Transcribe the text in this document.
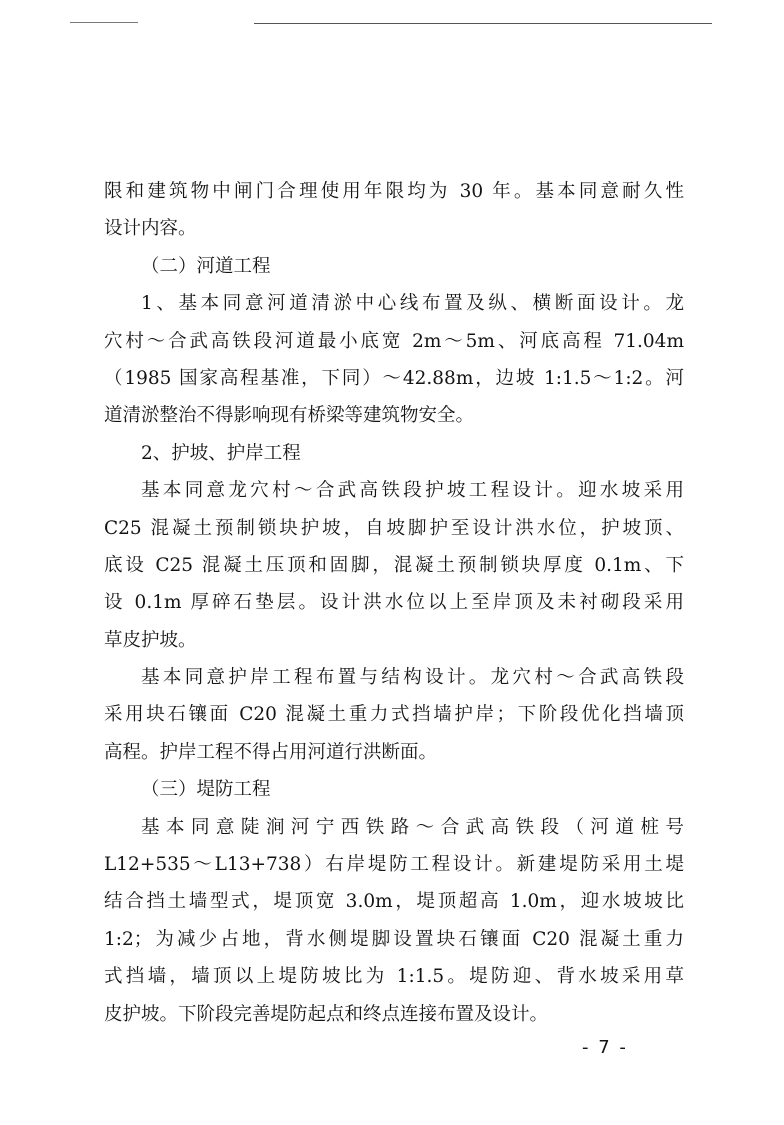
限和建筑物中闸门合理使用年限均为 30 年。基本同意耐久性
设计内容。
（二）河道工程
1、基本同意河道清淤中心线布置及纵、横断面设计。龙
穴村～合武高铁段河道最小底宽 2m～5m、河底高程 71.04m
（1985 国家高程基准，下同）～42.88m，边坡 1:1.5～1:2。河
道清淤整治不得影响现有桥梁等建筑物安全。
2、护坡、护岸工程
基本同意龙穴村～合武高铁段护坡工程设计。迎水坡采用
C25 混凝土预制锁块护坡，自坡脚护至设计洪水位，护坡顶、
底设 C25 混凝土压顶和固脚，混凝土预制锁块厚度 0.1m、下
设 0.1m 厚碎石垫层。设计洪水位以上至岸顶及未衬砌段采用
草皮护坡。
基本同意护岸工程布置与结构设计。龙穴村～合武高铁段
采用块石镶面 C20 混凝土重力式挡墙护岸；下阶段优化挡墙顶
高程。护岸工程不得占用河道行洪断面。
（三）堤防工程
基本同意陡涧河宁西铁路～合武高铁段（河道桩号
L12+535～L13+738）右岸堤防工程设计。新建堤防采用土堤
结合挡土墙型式，堤顶宽 3.0m，堤顶超高 1.0m，迎水坡坡比
1:2；为减少占地，背水侧堤脚设置块石镶面 C20 混凝土重力
式挡墙，墙顶以上堤防坡比为 1:1.5。堤防迎、背水坡采用草
皮护坡。下阶段完善堤防起点和终点连接布置及设计。
- 7 -
